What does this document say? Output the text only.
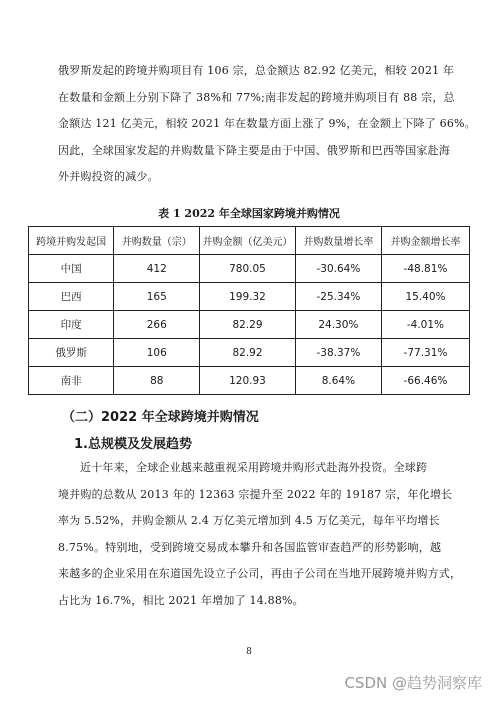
俄罗斯发起的跨境并购项目有 106 宗，总金额达 82.92 亿美元，相较 2021 年
在数量和金额上分别下降了 38%和 77%;南非发起的跨境并购项目有 88 宗，总
金额达 121 亿美元，相较 2021 年在数量方面上涨了 9%，在金额上下降了 66%。
因此，全球国家发起的并购数量下降主要是由于中国、俄罗斯和巴西等国家赴海
外并购投资的减少。
表 1 2022 年全球国家跨境并购情况
跨境并购发起国	并购数量（宗）	并购金额（亿美元）	并购数量增长率	并购金额增长率
中国	412	780.05	-30.64%	-48.81%
巴西	165	199.32	-25.34%	15.40%
印度	266	82.29	24.30%	-4.01%
俄罗斯	106	82.92	-38.37%	-77.31%
南非	88	120.93	8.64%	-66.46%
（二）2022 年全球跨境并购情况
1.总规模及发展趋势
近十年来，全球企业越来越重视采用跨境并购形式赴海外投资。全球跨
境并购的总数从 2013 年的 12363 宗提升至 2022 年的 19187 宗，年化增长
率为 5.52%，并购金额从 2.4 万亿美元增加到 4.5 万亿美元，每年平均增长
8.75%。特别地，受到跨境交易成本攀升和各国监管审查趋严的形势影响，越
来越多的企业采用在东道国先设立子公司，再由子公司在当地开展跨境并购方式，
占比为 16.7%，相比 2021 年增加了 14.88%。
8
CSDN @趋势洞察库
